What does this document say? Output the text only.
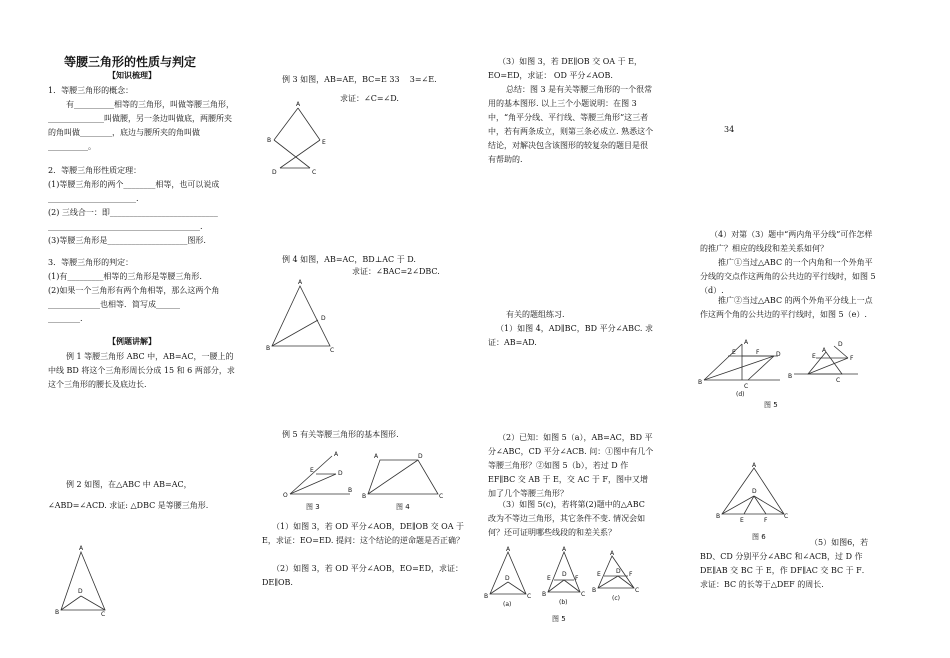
等腰三角形的性质与判定
【知识梳理】
1．等腰三角形的概念：
有__________相等的三角形，叫做等腰三角形，______________叫做腰，另一条边叫做底，两腰所夹的角叫做________，底边与腰所夹的角叫做__________。
2．等腰三角形性质定理：
(1)等腰三角形的两个________相等，也可以说成______________________.
(2) 三线合一：即___________________________
______________________________________.
(3)等腰三角形是____________________图形.
3．等腰三角形的判定：
(1)有_________相等的三角形是等腰三角形.
(2)如果一个三角形有两个角相等，那么这两个角_____________也相等．简写成______
________.
【例题讲解】
例 1 等腰三角形 ABC 中，AB=AC，一腰上的中线 BD 将这个三角形周长分成 15 和 6 两部分，求这个三角形的腰长及底边长.
例 2 如图，在△ABC 中 AB=AC，∠ABD=∠ACD. 求证: △DBC 是等腰三角形.
A
B	C
D
例 3 如图，AB=AE，BC=E 33    3=∠E.
求证：∠C=∠D.
A
B	E
D	C
例 4 如图，AB=AC，BD⊥AC 于 D.
求证：∠BAC=2∠DBC.
A
B	C
D
例 5 有关等腰三角形的基本图形.
A
E	D
O
B
图 3
A	D
B	C
图 4
（1）如图 3，若 OD 平分∠AOB，DE∥OB 交 OA 于 E，求证：EO=ED. 提问：这个结论的逆命题是否正确？
（2）如图 3，若 OD 平分∠AOB，EO=ED，求证： DE∥OB.
（3）如图 3，若 DE∥OB 交 OA 于 E，EO=ED，求证： OD 平分∠AOB.
总结：图 3 是有关等腰三角形的一个很常用的基本图形. 以上三个小题说明：在图 3 中，“角平分线、平行线、等腰三角形”这三者中，若有两条成立，则第三条必成立. 熟悉这个结论，对解决包含该图形的较复杂的题目是很有帮助的.
有关的题组练习.
（1）如图 4，AD∥BC，BD 平分∠ABC. 求证：AB=AD.
（2）已知：如图 5（a），AB=AC，BD 平分∠ABC，CD 平分∠ACB. 问：①图中有几个等腰三角形？②如图 5（b），若过 D 作 EF∥BC 交 AB 于 E，交 AC 于 F，图中又增加了几个等腰三角形？
（3）如图 5(c)，若将第(2)题中的△ABC 改为不等边三角形，其它条件不变. 情况会如何？还可证明哪些线段的和差关系？
A
D
B	C
(a)
A
E	F
D
B	C
(b)
A
E	F
D
B	C
(c)
图 5
34
（4）对第（3）题中“两内角平分线”可作怎样的推广？相应的线段和差关系如何？
推广①当过△ABC 的一个内角和一个外角平分线的交点作这两角的公共边的平行线时，如图 5（d）.
推广②当过△ABC 的两个外角平分线上一点作这两个角的公共边的平行线时，如图 5（e）.
A
E	F	D
B
C
(d)
A
E
D
F
B
C
图 5
A
D
B	C
E	F
图 6
（5）如图6，若 BD、CD 分别平分∠ABC 和∠ACB，过 D 作 DE∥AB 交 BC 于 E，作 DF∥AC 交 BC 于 F．求证：BC 的长等于△DEF 的周长.
